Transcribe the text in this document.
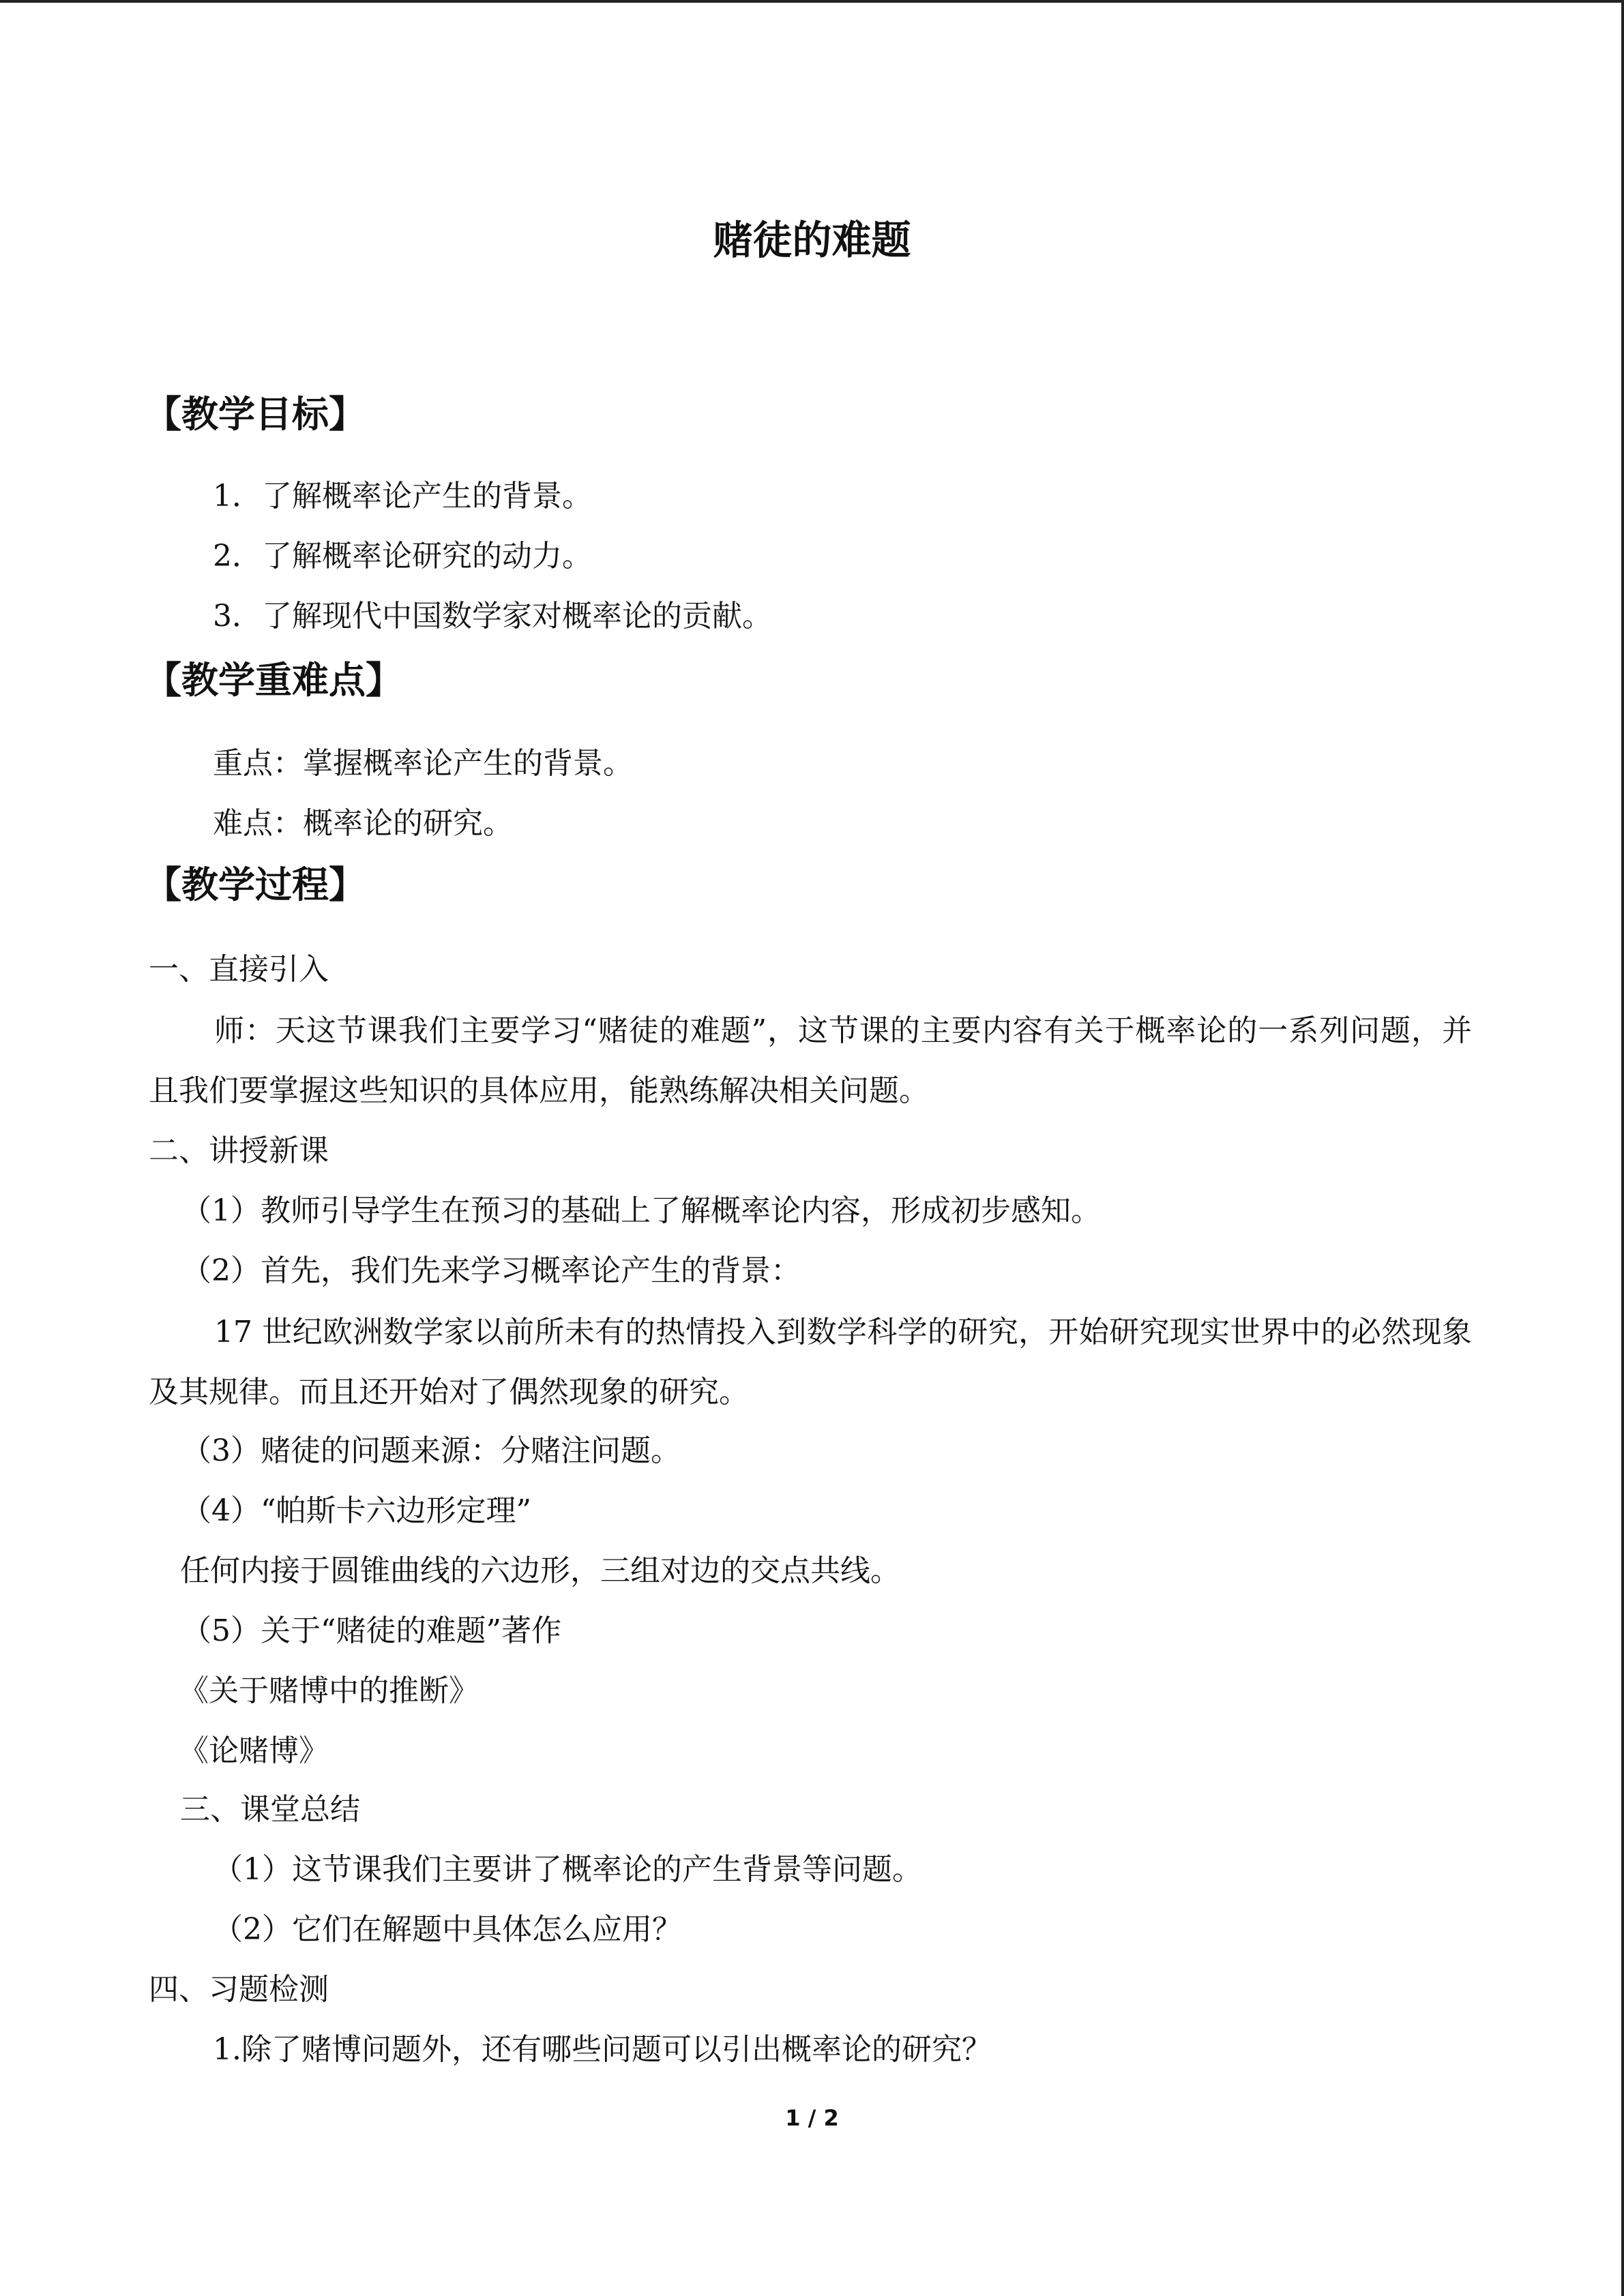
赌徒的难题
【教学目标】

1．了解概率论产生的背景。

2．了解概率论研究的动力。

3．了解现代中国数学家对概率论的贡献。

【教学重难点】

重点：掌握概率论产生的背景。

难点：概率论的研究。

【教学过程】

一、直接引入

师：天这节课我们主要学习“赌徒的难题”，这节课的主要内容有关于概率论的一系列问题，并且我们要掌握这些知识的具体应用，能熟练解决相关问题。

二、讲授新课

（1）教师引导学生在预习的基础上了解概率论内容，形成初步感知。

（2）首先，我们先来学习概率论产生的背景：

17 世纪欧洲数学家以前所未有的热情投入到数学科学的研究，开始研究现实世界中的必然现象及其规律。而且还开始对了偶然现象的研究。

（3）赌徒的问题来源：分赌注问题。

（4）“帕斯卡六边形定理”

任何内接于圆锥曲线的六边形，三组对边的交点共线。

（5）关于“赌徒的难题”著作

《关于赌博中的推断》

《论赌博》

三、课堂总结

（1）这节课我们主要讲了概率论的产生背景等问题。

（2）它们在解题中具体怎么应用？

四、习题检测

1.除了赌博问题外，还有哪些问题可以引出概率论的研究？

1 / 2
